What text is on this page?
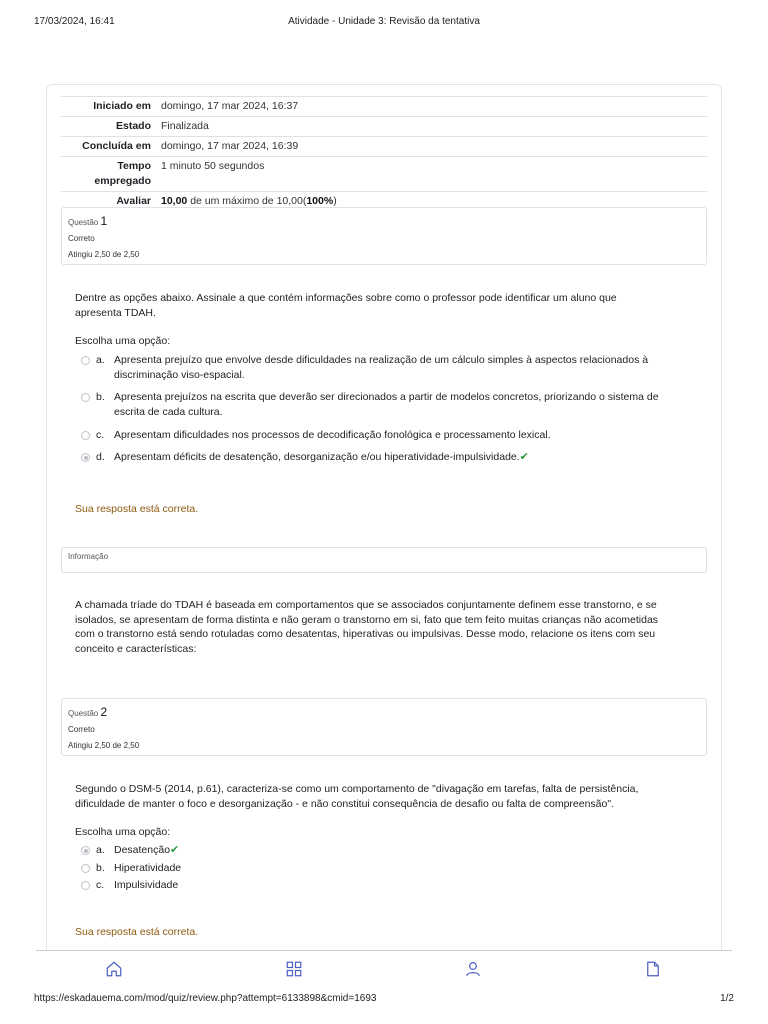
17/03/2024, 16:41	Atividade - Unidade 3: Revisão da tentativa
Iniciado em domingo, 17 mar 2024, 16:37
Estado Finalizada
Concluída em domingo, 17 mar 2024, 16:39
Tempo
empregado
1 minuto 50 segundos
Avaliar 10,00 de um máximo de 10,00(100%)
Questão 1
Correto
Atingiu 2,50 de 2,50
Dentre as opções abaixo. Assinale a que contém informações sobre como o professor pode identificar um aluno que
apresenta TDAH.
Escolha uma opção:
a. Apresenta prejuízo que envolve desde dificuldades na realização de um cálculo simples à aspectos relacionados à
discriminação viso-espacial.
b. Apresenta prejuízos na escrita que deverão ser direcionados a partir de modelos concretos, priorizando o sistema de
escrita de cada cultura.
c. Apresentam dificuldades nos processos de decodificação fonológica e processamento lexical.
d. Apresentam déficits de desatenção, desorganização e/ou hiperatividade-impulsividade.✔
Sua resposta está correta.
Informação
A chamada tríade do TDAH é baseada em comportamentos que se associados conjuntamente definem esse transtorno, e se
isolados, se apresentam de forma distinta e não geram o transtorno em si, fato que tem feito muitas crianças não acometidas
com o transtorno está sendo rotuladas como desatentas, hiperativas ou impulsivas. Desse modo, relacione os itens com seu
conceito e características:
Questão 2
Correto
Atingiu 2,50 de 2,50
Segundo o DSM-5 (2014, p.61), caracteriza-se como um comportamento de "divagação em tarefas, falta de persistência,
dificuldade de manter o foco e desorganização - e não constitui consequência de desafio ou falta de compreensão".
Escolha uma opção:
a. Desatenção✔
b. Hiperatividade
c. Impulsividade
Sua resposta está correta.
https://eskadauema.com/mod/quiz/review.php?attempt=6133898&cmid=1693	1/2
